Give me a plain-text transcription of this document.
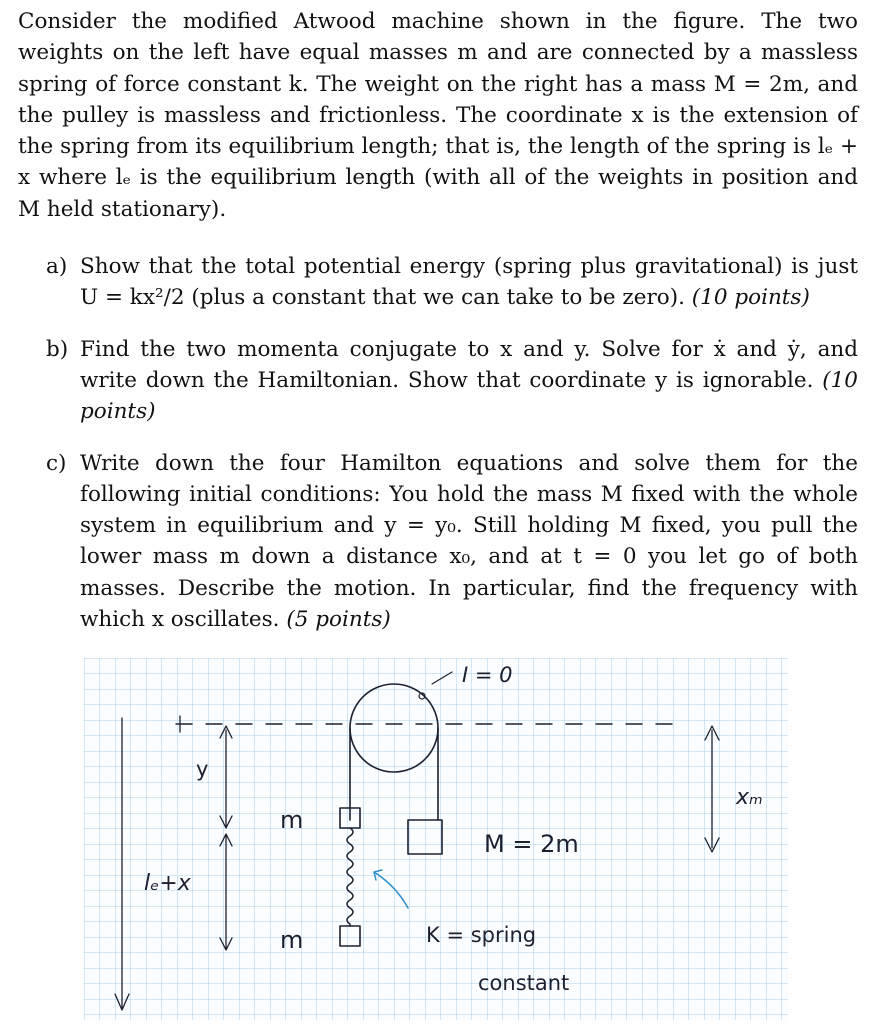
Consider the modified Atwood machine shown in the figure. The two weights on the left have equal masses m and are connected by a massless spring of force constant k. The weight on the right has a mass M = 2m, and the pulley is massless and frictionless. The coordinate x is the extension of the spring from its equilibrium length; that is, the length of the spring is lₑ + x where lₑ is the equilibrium length (with all of the weights in position and M held stationary).
a) Show that the total potential energy (spring plus gravitational) is just U = kx²/2 (plus a constant that we can take to be zero). (10 points)
b) Find the two momenta conjugate to x and y. Solve for ẋ and ẏ, and write down the Hamiltonian. Show that coordinate y is ignorable. (10 points)
c) Write down the four Hamilton equations and solve them for the following initial conditions: You hold the mass M fixed with the whole system in equilibrium and y = y₀. Still holding M fixed, you pull the lower mass m down a distance x₀, and at t = 0 you let go of both masses. Describe the motion. In particular, find the frequency with which x oscillates. (5 points)
I = 0
y
lₑ+x
m
m
M = 2m
K = spring
constant
xₘ
